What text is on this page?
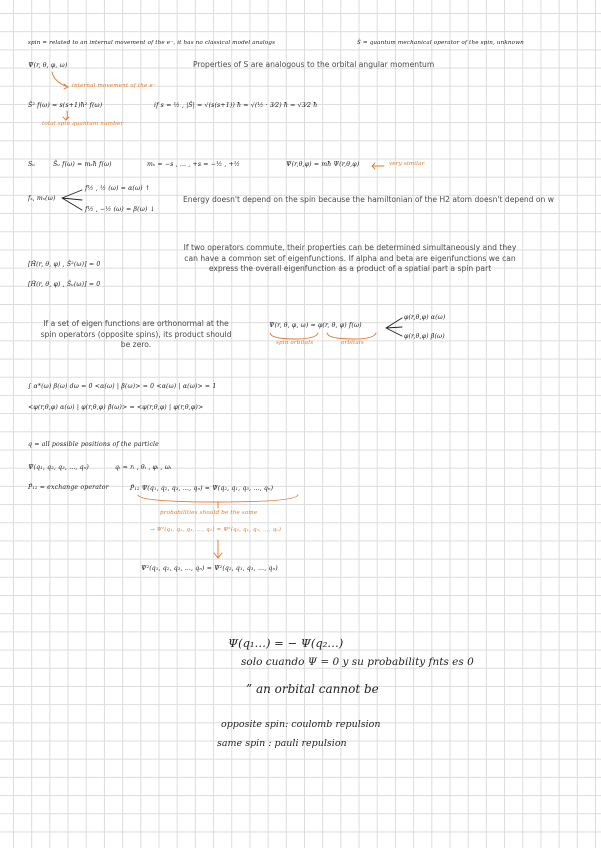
spin = related to an internal movement of the e⁻, it has no classical model analogs	Ŝ = quantum mechanical operator of the spin, unknown
Ψ(r, θ, φ, ω)	Properties of S are analogous to the orbital angular momentum
internal movement of the e⁻
Ŝ² f(ω) = s(s+1)ħ² f(ω)	if s = ½ , |Ŝ| = √(s(s+1)) ħ = √(½ · 3⁄2) ħ = √3⁄2 ħ
total spin quantum number
Sᵤ	Ŝᵤ f(ω) = mₛħ f(ω)	mₛ = −s , … , +s = −½ , +½	Ψ(r,θ,φ) = mħ Ψ(r,θ,φ)	very similar
fₛ, mₛ(ω)
f½ , ½ (ω) = α(ω) ↑
f½ , −½ (ω) = β(ω) ↓
Energy doesn't depend on the spin because the hamiltonian of the H2 atom doesn't depend on w
If two operators commute, their properties can be determined simultaneously and they can have a common set of eigenfunctions. If alpha and beta are eigenfunctions we can express the overall eigenfunction as a product of a spatial part a spin part
[Ĥ(r, θ, φ) , Ŝ²(ω)] = 0
[Ĥ(r, θ, φ) , Ŝᵤ(ω)] = 0
If a set of eigen functions are orthonormal at the spin operators (opposite spins), its product should be zero.
Ψ(r, θ, φ, ω) = φ(r, θ, φ) f(ω)
φ(r,θ,φ) α(ω)
φ(r,θ,φ) β(ω)
spin orbitals	orbitals
∫ α*(ω) β(ω) dω = 0 <α(ω) | β(ω)> = 0 <α(ω) | α(ω)> = 1
<φ(r,θ,φ) α(ω) | φ(r,θ,φ) β(ω)> = <φ(r,θ,φ) | φ(r,θ,φ)>
q = all possible positions of the particle
Ψ(q₁, q₂, q₃, …, qₙ)	qᵢ = rᵢ , θᵢ , φᵢ , ωᵢ
P̂₁₂ = exchange operator	P̂₁₂ Ψ(q₁, q₂, q₃, …, qₙ) = Ψ(q₂, q₁, q₃, …, qₙ)
probabilities should be the same
→ Ψ²(q₁, q₂, q₃, …, qₙ) = Ψ²(q₂, q₁, q₃, …, qₙ)
Ψ²(q₁, q₂, q₃, …, qₙ) = Ψ²(q₂, q₁, q₃, …, qₙ)
Ψ(q₁…) = − Ψ(q₂…)
solo cuando Ψ = 0 y su probability fnts es 0
” an orbital cannot be
opposite spin: coulomb repulsion
same spin : pauli repulsion
